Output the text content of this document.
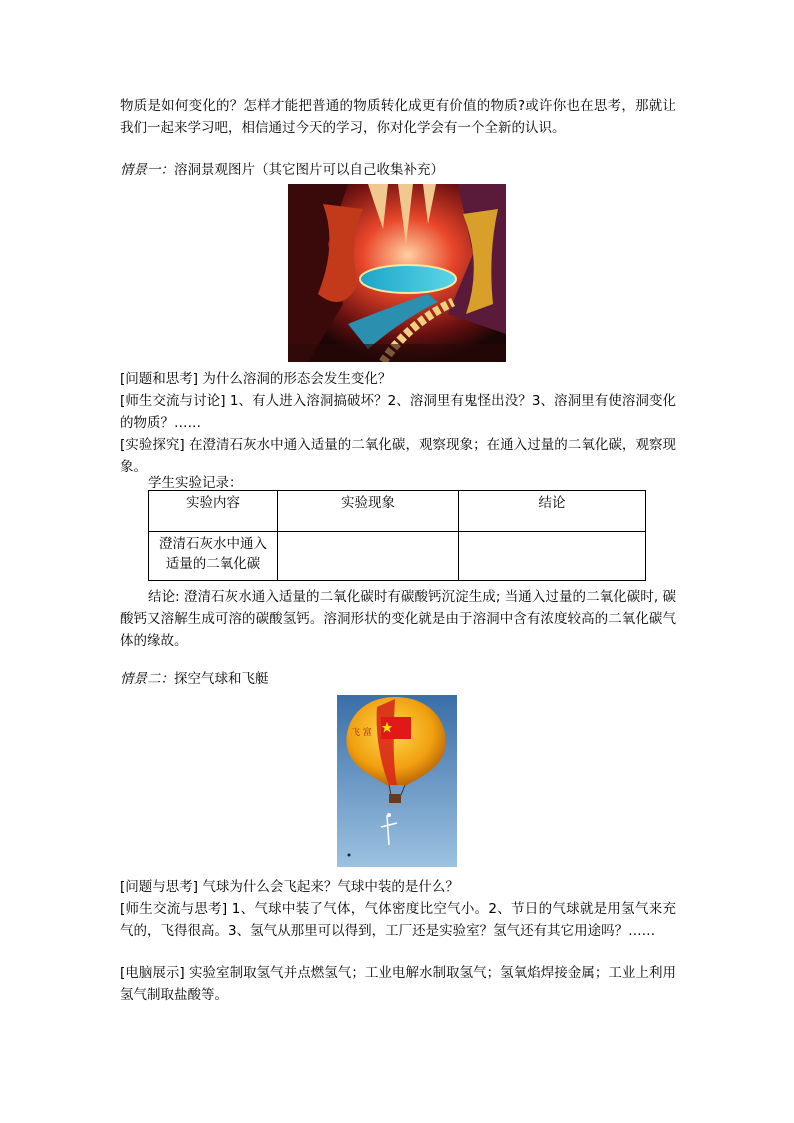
物质是如何变化的？怎样才能把普通的物质转化成更有价值的物质?或许你也在思考，那就让我们一起来学习吧，相信通过今天的学习，你对化学会有一个全新的认识。

情景一：溶洞景观图片（其它图片可以自己收集补充）

[问题和思考] 为什么溶洞的形态会发生变化？

[师生交流与讨论] 1、有人进入溶洞搞破坏？2、溶洞里有鬼怪出没？3、溶洞里有使溶洞变化的物质？……

[实验探究] 在澄清石灰水中通入适量的二氧化碳，观察现象；在通入过量的二氧化碳，观察现象。

学生实验记录：

实验内容	实验现象	结论
澄清石灰水中通入适量的二氧化碳		

结论: 澄清石灰水通入适量的二氧化碳时有碳酸钙沉淀生成; 当通入过量的二氧化碳时, 碳酸钙又溶解生成可溶的碳酸氢钙。溶洞形状的变化就是由于溶洞中含有浓度较高的二氧化碳气体的缘故。

情景二：探空气球和飞艇

飞 富

[问题与思考] 气球为什么会飞起来？气球中装的是什么？

[师生交流与思考] 1、气球中装了气体，气体密度比空气小。2、节日的气球就是用氢气来充气的，飞得很高。3、氢气从那里可以得到，工厂还是实验室？氢气还有其它用途吗？……

[电脑展示] 实验室制取氢气并点燃氢气；工业电解水制取氢气；氢氧焰焊接金属；工业上利用氢气制取盐酸等。
